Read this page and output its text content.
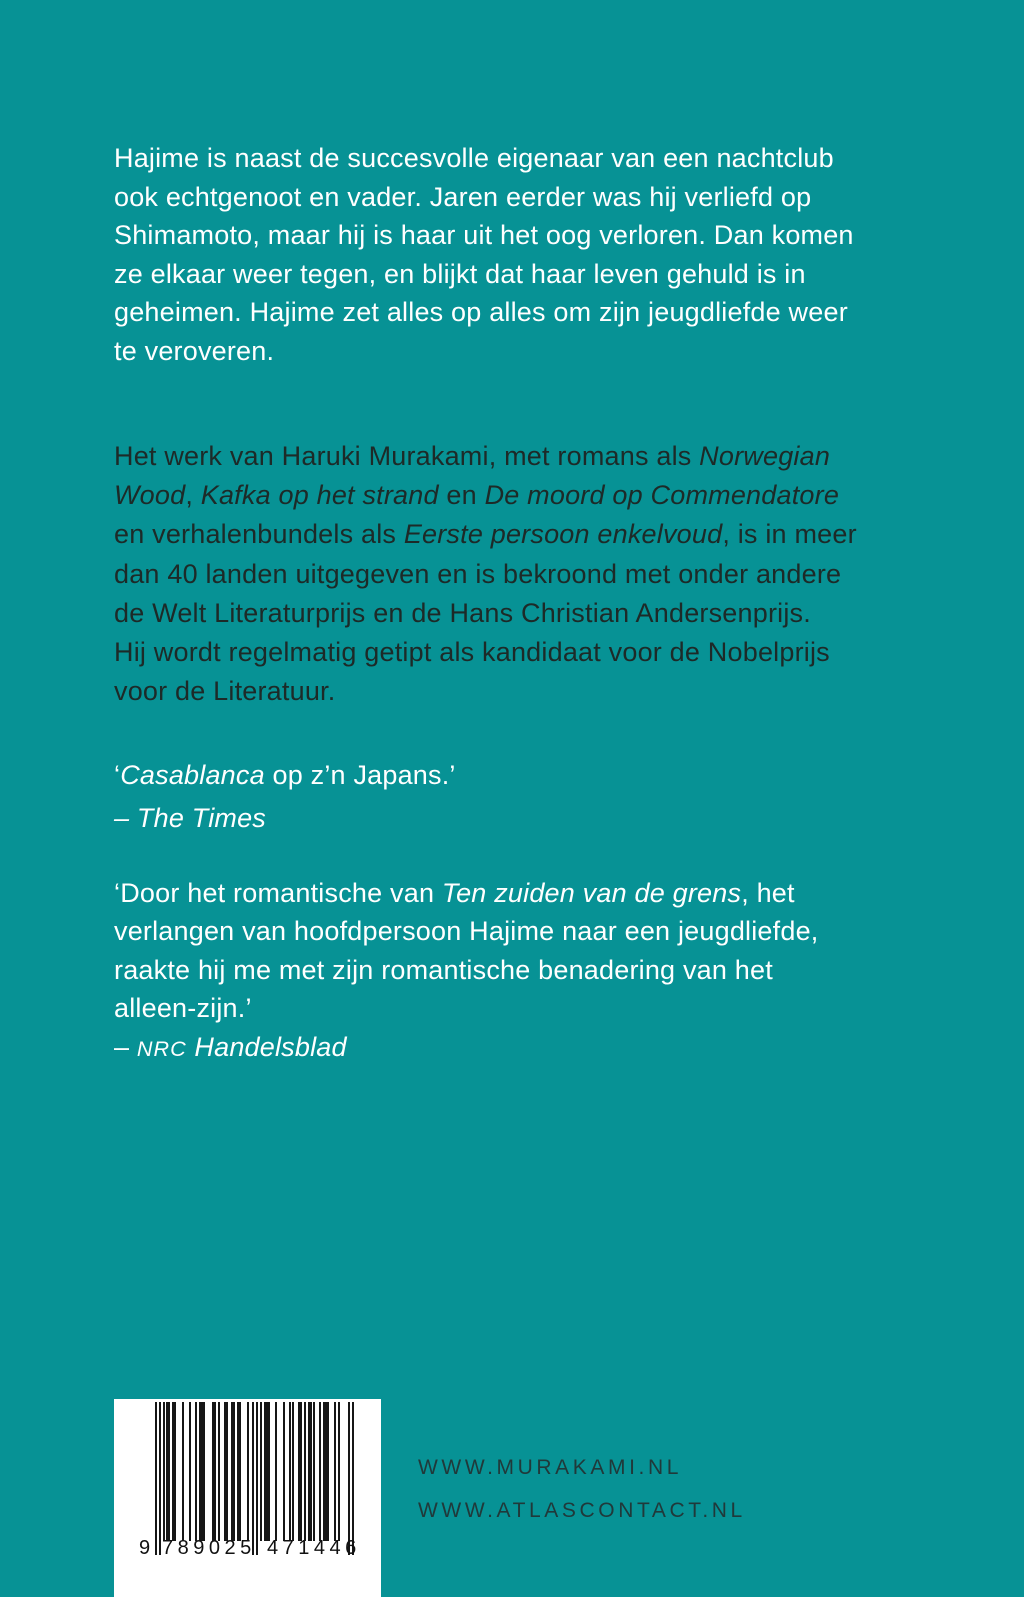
Hajime is naast de succesvolle eigenaar van een nachtclub
ook echtgenoot en vader. Jaren eerder was hij verliefd op
Shimamoto, maar hij is haar uit het oog verloren. Dan komen
ze elkaar weer tegen, en blijkt dat haar leven gehuld is in
geheimen. Hajime zet alles op alles om zijn jeugdliefde weer
te veroveren.
Het werk van Haruki Murakami, met romans als Norwegian
Wood, Kafka op het strand en De moord op Commendatore
en verhalenbundels als Eerste persoon enkelvoud, is in meer
dan 40 landen uitgegeven en is bekroond met onder andere
de Welt Literaturprijs en de Hans Christian Andersenprijs.
Hij wordt regelmatig getipt als kandidaat voor de Nobelprijs
voor de Literatuur.
‘Casablanca op z’n Japans.’
– The Times
‘Door het romantische van Ten zuiden van de grens, het
verlangen van hoofdpersoon Hajime naar een jeugdliefde,
raakte hij me met zijn romantische benadering van het
alleen-zijn.’
– NRC Handelsblad
9 789025 471446
WWW.MURAKAMI.NL
WWW.ATLASCONTACT.NL
